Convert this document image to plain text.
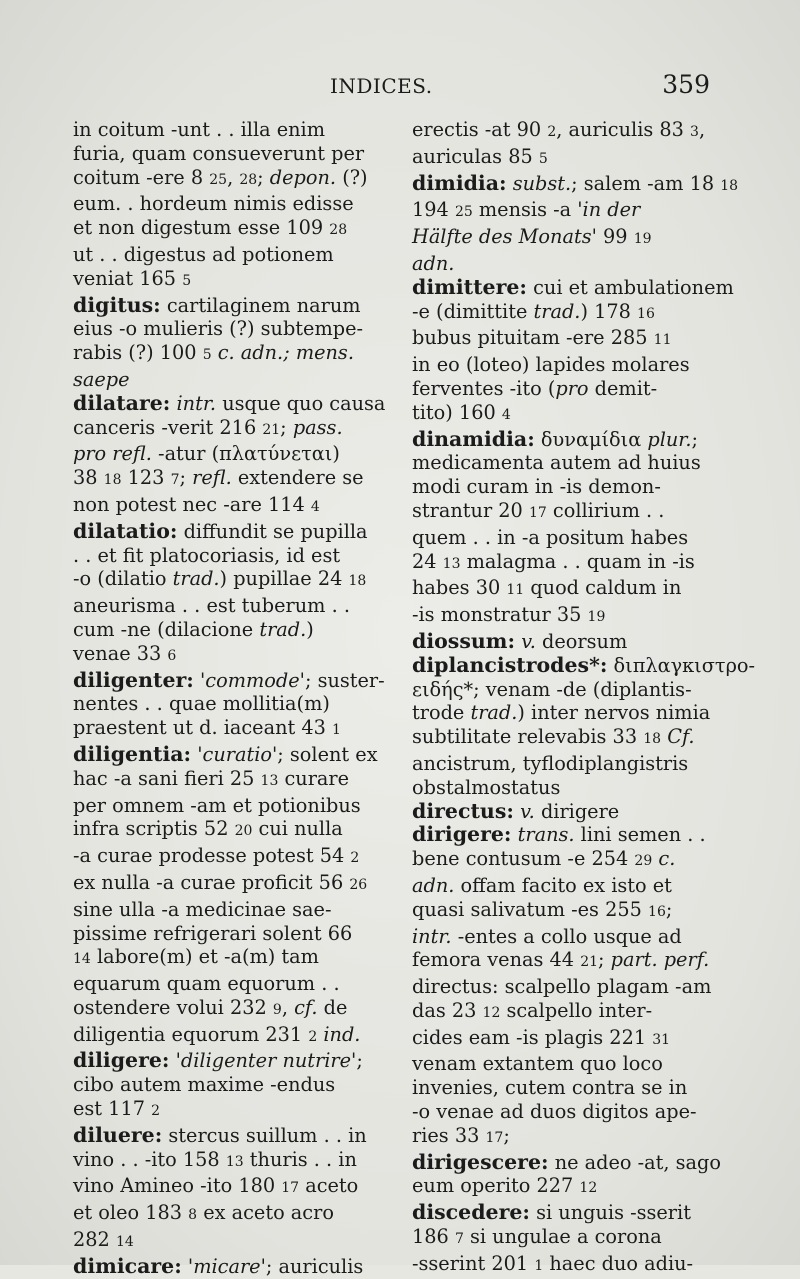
INDICES.	359
in coitum -unt . . illa enim
furia, quam consueverunt per
coitum -ere 8 25, 28; depon. (?)
eum. . hordeum nimis edisse
et non digestum esse 109 28
ut . . digestus ad potionem
veniat 165 5
digitus: cartilaginem narum
eius -o mulieris (?) subtempe-
rabis (?) 100 5 c. adn.; mens.
saepe
dilatare: intr. usque quo causa
canceris -verit 216 21; pass.
pro refl. -atur (πλατύνεται)
38 18 123 7; refl. extendere se
non potest nec -are 114 4
dilatatio: diffundit se pupilla
. . et fit platocoriasis, id est
-o (dilatio trad.) pupillae 24 18
aneurisma . . est tuberum . .
cum -ne (dilacione trad.)
venae 33 6
diligenter: 'commode'; suster-
nentes . . quae mollitia(m)
praestent ut d. iaceant 43 1
diligentia: 'curatio'; solent ex
hac -a sani fieri 25 13 curare
per omnem -am et potionibus
infra scriptis 52 20 cui nulla
-a curae prodesse potest 54 2
ex nulla -a curae proficit 56 26
sine ulla -a medicinae sae-
pissime refrigerari solent 66
14 labore(m) et -a(m) tam
equarum quam equorum . .
ostendere volui 232 9, cf. de
diligentia equorum 231 2 ind.
diligere: 'diligenter nutrire';
cibo autem maxime -endus
est 117 2
diluere: stercus suillum . . in
vino . . -ito 158 13 thuris . . in
vino Amineo -ito 180 17 aceto
et oleo 183 8 ex aceto acro
282 14
dimicare: 'micare'; auriculis
erectis -at 90 2, auriculis 83 3,
auriculas 85 5
dimidia: subst.; salem -am 18 18
194 25 mensis -a 'in der
Hälfte des Monats' 99 19
adn.
dimittere: cui et ambulationem
-e (dimittite trad.) 178 16
bubus pituitam -ere 285 11
in eo (loteo) lapides molares
ferventes -ito (pro demit-
tito) 160 4
dinamidia: δυναμίδια plur.;
medicamenta autem ad huius
modi curam in -is demon-
strantur 20 17 collirium . .
quem . . in -a positum habes
24 13 malagma . . quam in -is
habes 30 11 quod caldum in
-is monstratur 35 19
diossum: v. deorsum
diplancistrodes*: διπλαγκιστρο-
ειδής*; venam -de (diplantis-
trode trad.) inter nervos nimia
subtilitate relevabis 33 18 Cf.
ancistrum, tyflodiplangistris
obstalmostatus
directus: v. dirigere
dirigere: trans. lini semen . .
bene contusum -e 254 29 c.
adn. offam facito ex isto et
quasi salivatum -es 255 16;
intr. -entes a collo usque ad
femora venas 44 21; part. perf.
directus: scalpello plagam -am
das 23 12 scalpello inter-
cides eam -is plagis 221 31
venam extantem quo loco
invenies, cutem contra se in
-o venae ad duos digitos ape-
ries 33 17;
dirigescere: ne adeo -at, sago
eum operito 227 12
discedere: si unguis -sserit
186 7 si ungulae a corona
-sserint 201 1 haec duo adiu-
